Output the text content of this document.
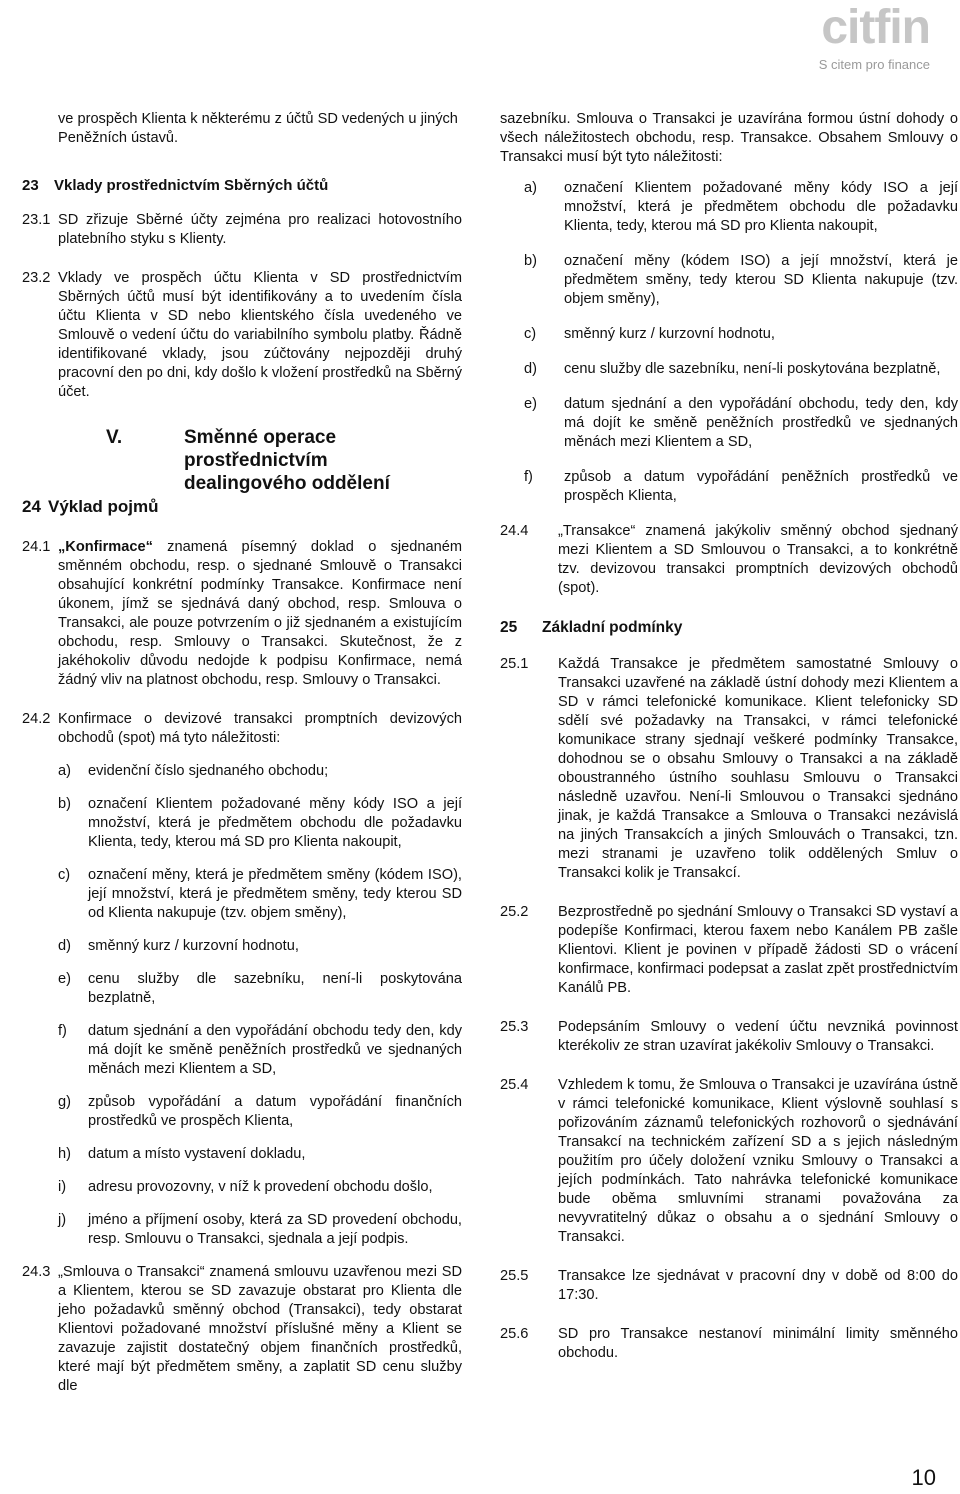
citfin
S citem pro finance
ve prospěch Klienta k některému z účtů SD vedených u jiných Peněžních ústavů.
23 Vklady prostřednictvím Sběrných účtů
23.1 SD zřizuje Sběrné účty zejména pro realizaci hotovostního platebního styku s Klienty.
23.2 Vklady ve prospěch účtu Klienta v SD prostřednictvím Sběrných účtů musí být identifikovány a to uvedením čísla účtu Klienta v SD nebo klientského čísla uvedeného ve Smlouvě o vedení účtu do variabilního symbolu platby. Řádně identifikované vklady, jsou zúčtovány nejpozději druhý pracovní den po dni, kdy došlo k vložení prostředků na Sběrný účet.
V.	Směnné operace prostřednictvím dealingového oddělení
24 Výklad pojmů
24.1 „Konfirmace“ znamená písemný doklad o sjednaném směnném obchodu, resp. o sjednané Smlouvě o Transakci obsahující konkrétní podmínky Transakce. Konfirmace není úkonem, jímž se sjednává daný obchod, resp. Smlouva o Transakci, ale pouze potvrzením o již sjednaném a existujícím obchodu, resp. Smlouvy o Transakci. Skutečnost, že z jakéhokoliv důvodu nedojde k podpisu Konfirmace, nemá žádný vliv na platnost obchodu, resp. Smlouvy o Transakci.
24.2 Konfirmace o devizové transakci promptních devizových obchodů (spot) má tyto náležitosti:
a) evidenční číslo sjednaného obchodu;
b) označení Klientem požadované měny kódy ISO a její množství, která je předmětem obchodu dle požadavku Klienta, tedy, kterou má SD pro Klienta nakoupit,
c) označení měny, která je předmětem směny (kódem ISO), její množství, která je předmětem směny, tedy kterou SD od Klienta nakupuje (tzv. objem směny),
d) směnný kurz / kurzovní hodnotu,
e) cenu služby dle sazebníku, není-li poskytována bezplatně,
f) datum sjednání a den vypořádání obchodu tedy den, kdy má dojít ke směně peněžních prostředků ve sjednaných měnách mezi Klientem a SD,
g) způsob vypořádání a datum vypořádání finančních prostředků ve prospěch Klienta,
h) datum a místo vystavení dokladu,
i) adresu provozovny, v níž k provedení obchodu došlo,
j) jméno a příjmení osoby, která za SD provedení obchodu, resp. Smlouvu o Transakci, sjednala a její podpis.
24.3 „Smlouva o Transakci“ znamená smlouvu uzavřenou mezi SD a Klientem, kterou se SD zavazuje obstarat pro Klienta dle jeho požadavků směnný obchod (Transakci), tedy obstarat Klientovi požadované množství příslušné měny a Klient se zavazuje zajistit dostatečný objem finančních prostředků, které mají být předmětem směny, a zaplatit SD cenu služby dle
sazebníku. Smlouva o Transakci je uzavírána formou ústní dohody o všech náležitostech obchodu, resp. Transakce. Obsahem Smlouvy o Transakci musí být tyto náležitosti:
a) označení Klientem požadované měny kódy ISO a její množství, která je předmětem obchodu dle požadavku Klienta, tedy, kterou má SD pro Klienta nakoupit,
b) označení měny (kódem ISO) a její množství, která je předmětem směny, tedy kterou SD Klienta nakupuje (tzv. objem směny),
c) směnný kurz / kurzovní hodnotu,
d) cenu služby dle sazebníku, není-li poskytována bezplatně,
e) datum sjednání a den vypořádání obchodu, tedy den, kdy má dojít ke směně peněžních prostředků ve sjednaných měnách mezi Klientem a SD,
f) způsob a datum vypořádání peněžních prostředků ve prospěch Klienta,
24.4 „Transakce“ znamená jakýkoliv směnný obchod sjednaný mezi Klientem a SD Smlouvou o Transakci, a to konkrétně tzv. devizovou transakci promptních devizových obchodů (spot).
25 Základní podmínky
25.1 Každá Transakce je předmětem samostatné Smlouvy o Transakci uzavřené na základě ústní dohody mezi Klientem a SD v rámci telefonické komunikace. Klient telefonicky SD sdělí své požadavky na Transakci, v rámci telefonické komunikace strany sjednají veškeré podmínky Transakce, dohodnou se o obsahu Smlouvy o Transakci a na základě oboustranného ústního souhlasu Smlouvu o Transakci následně uzavřou. Není-li Smlouvou o Transakci sjednáno jinak, je každá Transakce a Smlouva o Transakci nezávislá na jiných Transakcích a jiných Smlouvách o Transakci, tzn. mezi stranami je uzavřeno tolik oddělených Smluv o Transakci kolik je Transakcí.
25.2 Bezprostředně po sjednání Smlouvy o Transakci SD vystaví a podepíše Konfirmaci, kterou faxem nebo Kanálem PB zašle Klientovi. Klient je povinen v případě žádosti SD o vrácení konfirmace, konfirmaci podepsat a zaslat zpět prostřednictvím Kanálů PB.
25.3 Podepsáním Smlouvy o vedení účtu nevzniká povinnost kterékoliv ze stran uzavírat jakékoliv Smlouvy o Transakci.
25.4 Vzhledem k tomu, že Smlouva o Transakci je uzavírána ústně v rámci telefonické komunikace, Klient výslovně souhlasí s pořizováním záznamů telefonických rozhovorů o sjednávání Transakcí na technickém zařízení SD a s jejich následným použitím pro účely doložení vzniku Smlouvy o Transakci a jejích podmínkách. Tato nahrávka telefonické komunikace bude oběma smluvními stranami považována za nevyvratitelný důkaz o obsahu a o sjednání Smlouvy o Transakci.
25.5 Transakce lze sjednávat v pracovní dny v době od 8:00 do 17:30.
25.6 SD pro Transakce nestanoví minimální limity směnného obchodu.
10
